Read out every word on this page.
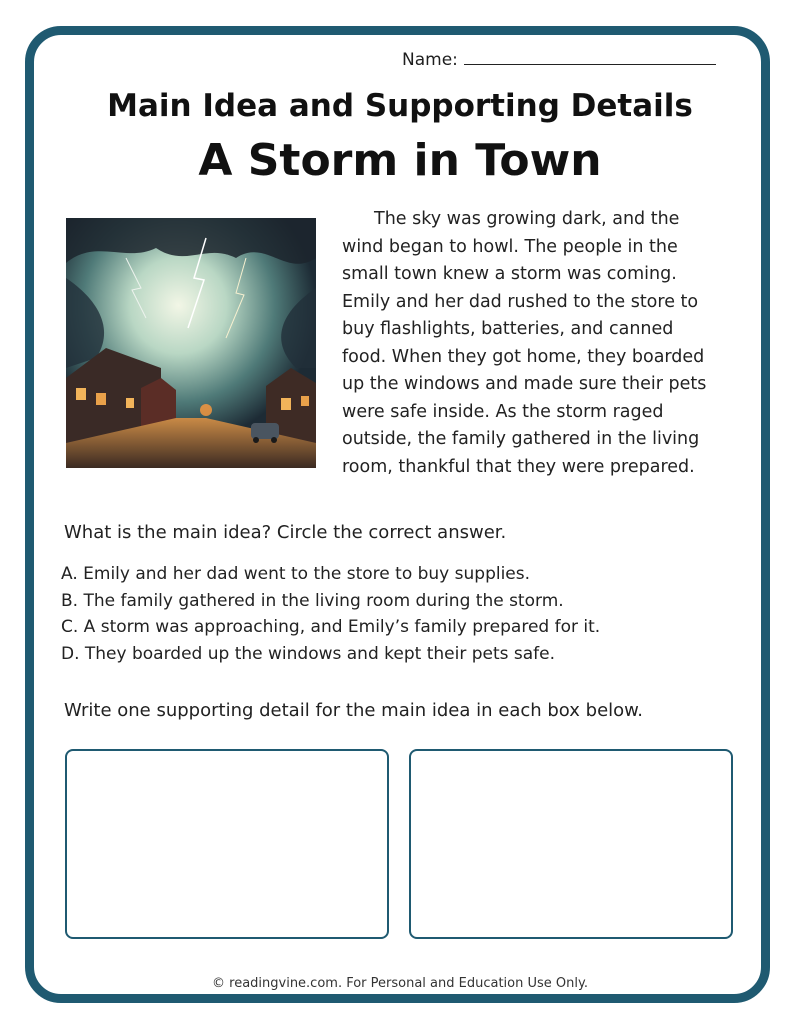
Name:
Main Idea and Supporting Details
A Storm in Town
The sky was growing dark, and the
wind began to howl. The people in the
small town knew a storm was coming.
Emily and her dad rushed to the store to
buy flashlights, batteries, and canned
food. When they got home, they boarded
up the windows and made sure their pets
were safe inside. As the storm raged
outside, the family gathered in the living
room, thankful that they were prepared.
What is the main idea? Circle the correct answer.
A. Emily and her dad went to the store to buy supplies.
B. The family gathered in the living room during the storm.
C. A storm was approaching, and Emily’s family prepared for it.
D. They boarded up the windows and kept their pets safe.
Write one supporting detail for the main idea in each box below.
© readingvine.com. For Personal and Education Use Only.
